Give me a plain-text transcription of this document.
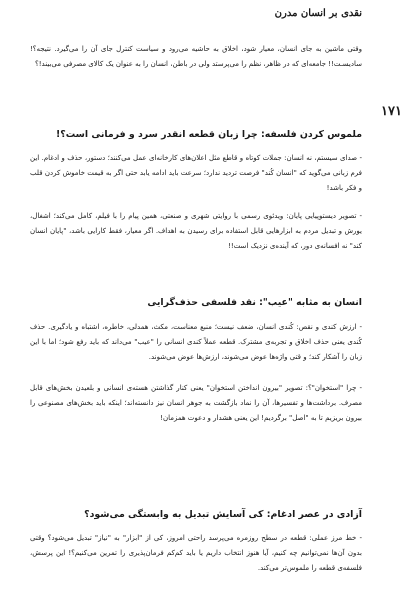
نقدی بر انسان مدرن
۱۷۱
وقتی ماشین به جای انسان، معیار شود، اخلاق به حاشیه می‌رود و سیاست کنترل جای آن را می‌گیرد. نتیجه؟! سادیسـت!! جامعه‌ای که در ظاهر، نظم را می‌پرستد ولی در باطن، انسان را به عنوان یک کالای مصرفی می‌بیند!؟
ملموس کردن فلسفه: چرا زبان قطعه انقدر سرد و فرمانی است؟!
- صدای سیستم، نه انسان: جملات کوتاه و قاطع مثل اعلان‌های کارخانه‌ای عمل می‌کنند؛ دستور، حذف و ادغام. این فرم زبانی می‌گوید که "انسان کُند" فرصت تردید ندارد؛ سرعت باید ادامه یابد حتی اگر به قیمت خاموش کردن قلب و فکر باشد!
- تصویر دیستوپیایی پایان: ویدئوی رسمی با روایتی شهری و صنعتی، همین پیام را با فیلم، کامل می‌کند؛ اشغال، یورش و تبدیل مردم به ابزارهایی قابل استفاده برای رسیدن به اهداف. اگر معیار، فقط کارایی باشد، "پایان انسان کند" نه افسانه‌ی دور، که آینده‌ی نزدیک است!!
انسان به مثابه "عیب": نقد فلسفی حذف‌گرایی
- ارزش کندی و نقص: کُندی انسان، ضعف نیست؛ منبع معناست، مکث، همدلی، خاطره، اشتباه و یادگیری. حذف کُندی یعنی حذف اخلاق و تجربه‌ی مشترک. قطعه عملاً کندی انسانی را "عیب" می‌داند که باید رفع شود؛ اما با این زبان را آشکار کند؛ و قتی واژه‌ها عوض می‌شوند، ارزش‌ها عوض می‌شوند.
- چرا "استخوان"؟: تصویر "بیرون انداختن استخوان" یعنی کنار گذاشتن هسته‌ی انسانی و بلعیدن بخش‌های قابل مصرف. برداشت‌ها و تفسیرها، آن را نماد بازگشت به جوهر انسان نیز دانسته‌اند؛ اینکه باید بخش‌های مصنوعی را بیرون بریزیم تا به "اصل" برگردیم! این یعنی هشدار و دعوت همزمان!
آزادی در عصر ادغام: کی آسایش تبدیل به وابستگی می‌شود؟
- خط مرز عملی: قطعه در سطح روزمره می‌پرسد راحتی امروز، کی از "ابزار" به "نیاز" تبدیل می‌شود؟ وقتی بدون آن‌ها نمی‌توانیم چه کنیم، آیا هنوز انتخاب داریم یا باید کم‌کم فرمان‌پذیری را تمرین می‌کنیم؟! این پرسش، فلسفه‌ی قطعه را ملموس‌تر می‌کند.
